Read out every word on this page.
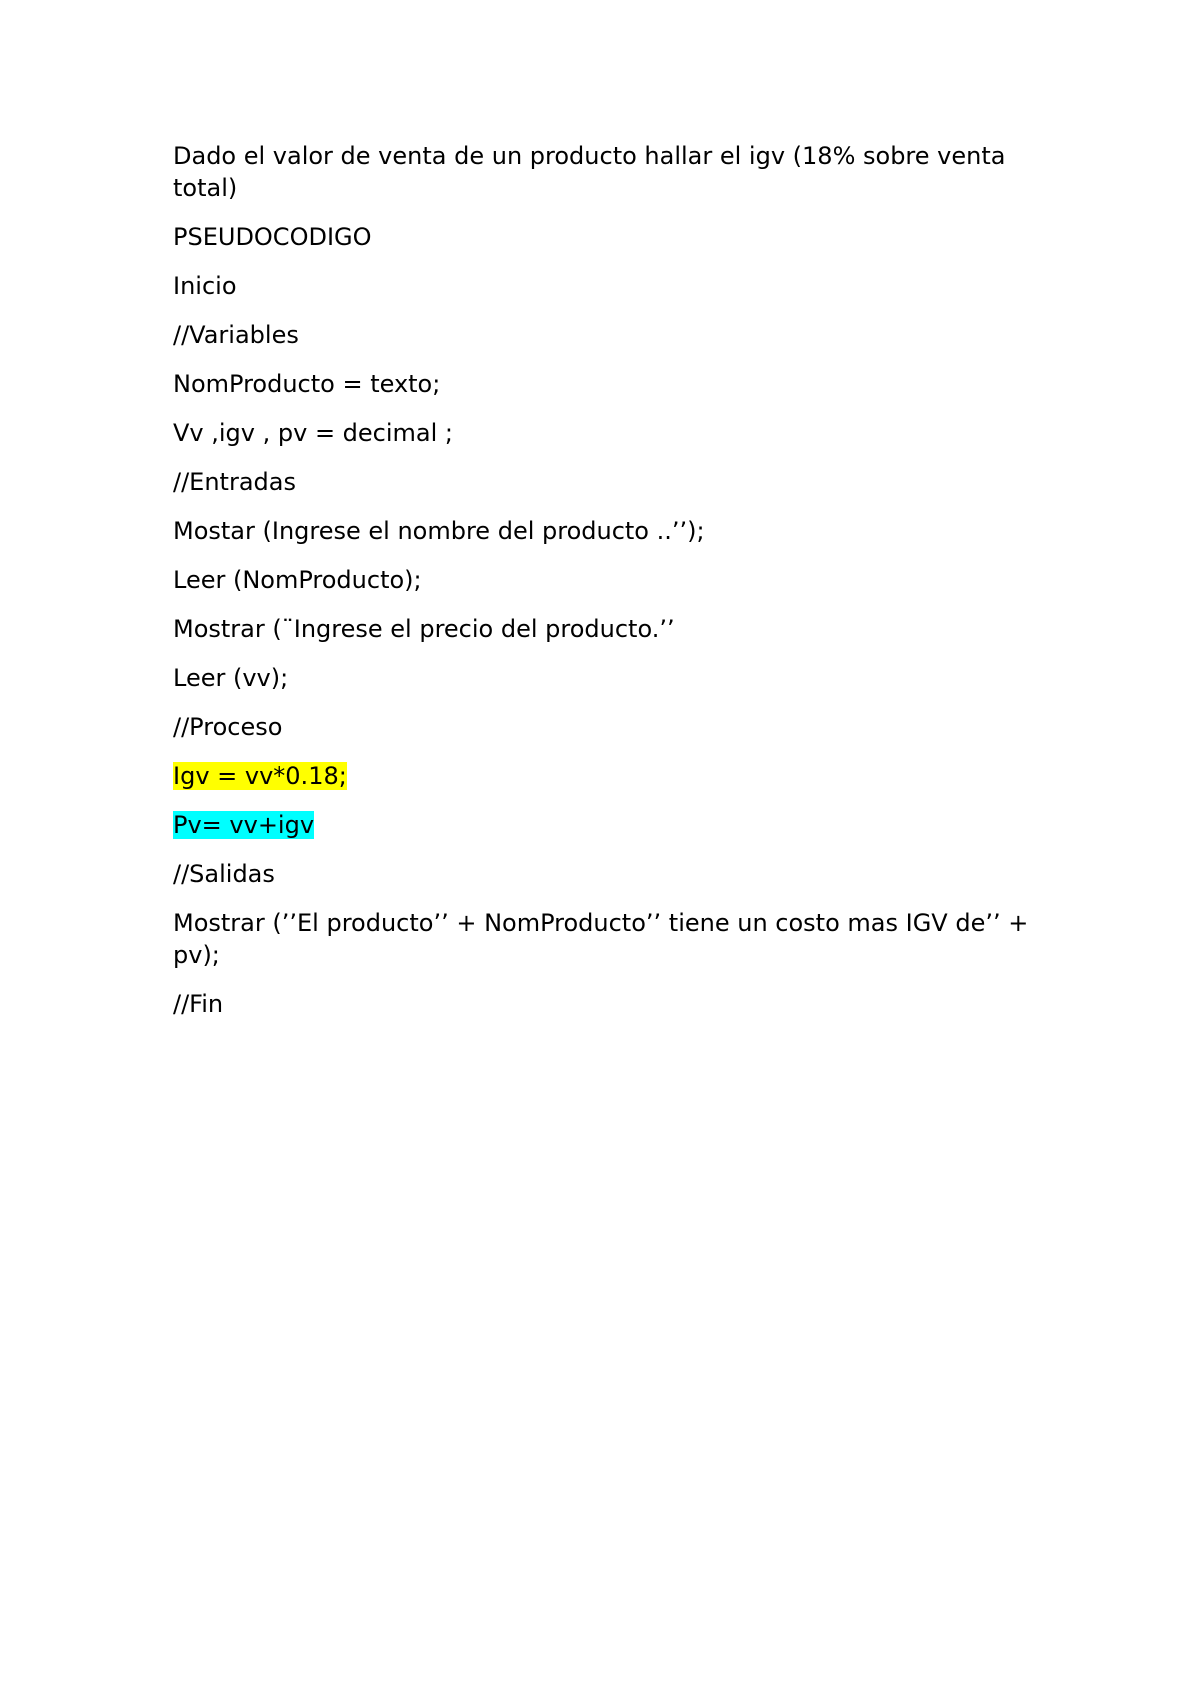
Dado el valor de venta de un producto hallar el igv (18% sobre venta total)

PSEUDOCODIGO

Inicio

//Variables

NomProducto = texto;

Vv ,igv , pv = decimal ;

//Entradas

Mostar (Ingrese el nombre del producto ..’’);

Leer (NomProducto);

Mostrar (¨Ingrese el precio del producto.’’

Leer (vv);

//Proceso

Igv = vv*0.18;

Pv= vv+igv

//Salidas

Mostrar (’’El producto’’ + NomProducto’’ tiene un costo mas IGV de’’ + pv);

//Fin
